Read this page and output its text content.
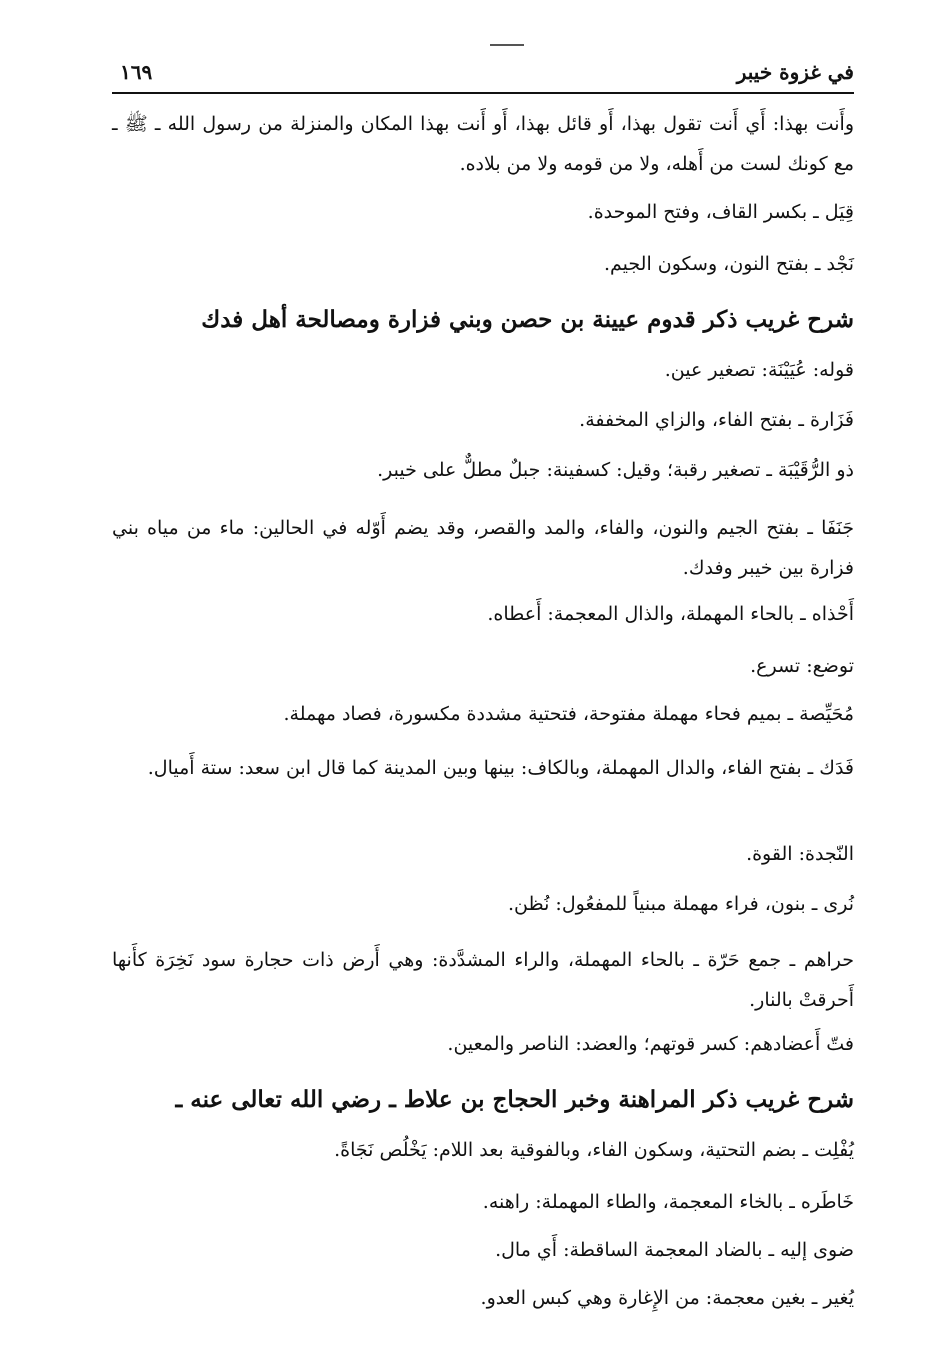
في غزوة خيبر
١٦٩
وأَنت بهذا: أَي أَنت تقول بهذا، أَو قائل بهذا، أَو أَنت بهذا المكان والمنزلة من رسول الله ـ ﷺ ـ مع كونك لست من أَهله، ولا من قومه ولا من بلاده.
قِيَل ـ بكسر القاف، وفتح الموحدة.
نَجْد ـ بفتح النون، وسكون الجيم.
شرح غريب ذكر قدوم عيينة بن حصن وبني فزارة ومصالحة أهل فدك
قوله: عُيَيْنَة: تصغير عين.
فَزَارة ـ بفتح الفاء، والزاي المخففة.
ذو الرُّقَيْبَة ـ تصغير رقبة؛ وقيل: كسفينة: جبلٌ مطلٌّ على خيبر.
جَنَفَا ـ بفتح الجيم والنون، والفاء، والمد والقصر، وقد يضم أَوّله في الحالين: ماء من مياه بني فزارة بين خيبر وفدك.
أَحْذاه ـ بالحاء المهملة، والذال المعجمة: أَعطاه.
توضع: تسرع.
مُحَيِّصة ـ بميم فحاء مهملة مفتوحة، فتحتية مشددة مكسورة، فصاد مهملة.
فَدَك ـ بفتح الفاء، والدال المهملة، وبالكاف: بينها وبين المدينة كما قال ابن سعد: ستة أَميال.
النّجدة: القوة.
نُرى ـ بنون، فراء مهملة مبنياً للمفعُول: نُظن.
حراهم ـ جمع حَرّة ـ بالحاء المهملة، والراء المشدَّدة: وهي أَرض ذات حجارة سود نَخِرَة كأَنها أَحرقتْ بالنار.
فتّ أَعضادهم: كسر قوتهم؛ والعضد: الناصر والمعين.
شرح غريب ذكر المراهنة وخبر الحجاج بن علاط ـ رضي الله تعالى عنه ـ
يُفْلِت ـ بضم التحتية، وسكون الفاء، وبالفوقية بعد اللام: يَخْلُص نَجَاةً.
خَاطَره ـ بالخاء المعجمة، والطاء المهملة: راهنه.
ضوى إليه ـ بالضاد المعجمة الساقطة: أَي مال.
يُغير ـ بغين معجمة: من الإِغارة وهي كبس العدو.
